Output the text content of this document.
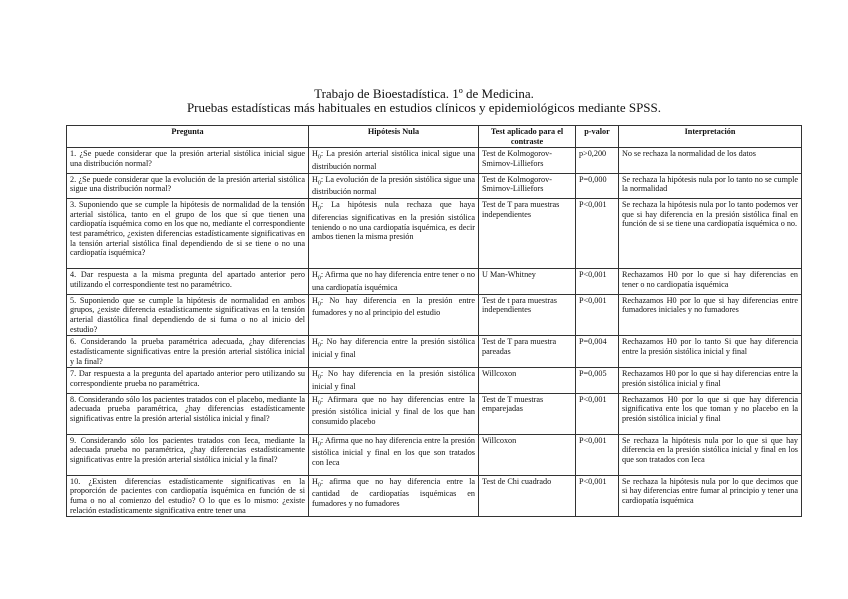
Trabajo de Bioestadística. 1º de Medicina.
Pruebas estadísticas más habituales en estudios clínicos y epidemiológicos mediante SPSS.
Pregunta	Hipótesis Nula	Test aplicado para el contraste	p-valor	Interpretación
1. ¿Se puede considerar que la presión arterial sistólica inicial sigue una distribución normal?	$H_0$: La presión arterial sistólica inical sigue una distribución normal	Test de Kolmogorov-Smirnov-Lilliefors	p>0,200	No se rechaza la normalidad de los datos
2. ¿Se puede considerar que la evolución de la presión arterial sistólica sigue una distribución normal?	$H_0$: La evolución de la presión sistólica sigue una distribución normal	Test de Kolmogorov-Smirnov-Lilliefors	P=0,000	Se rechaza la hipótesis nula por lo tanto no se cumple la normalidad
3. Suponiendo que se cumple la hipótesis de normalidad de la tensión arterial sistólica, tanto en el grupo de los que sí que tienen una cardiopatía isquémica como en los que no, mediante el correspondiente test paramétrico, ¿existen diferencias estadísticamente significativas en la tensión arterial sistólica final dependiendo de si se tiene o no una cardiopatía isquémica?	$H_0$: La hipótesis nula rechaza que haya diferencias significativas en la presión sistólica teniendo o no una cardiopatía isquémica, es decir ambos tienen la misma presión	Test de T para muestras independientes	P<0,001	Se rechaza la hipótesis nula por lo tanto podemos ver que si hay diferencia en la presión sistólica final en función de si se tiene una cardiopatía isquémica o no.
4. Dar respuesta a la misma pregunta del apartado anterior pero utilizando el correspondiente test no paramétrico.	$H_0$: Afirma que no hay diferencia entre tener o no una cardiopatía isquémica	U Man-Whitney	P<0,001	Rechazamos H0 por lo que si hay diferencias en tener o no cardiopatía isquémica
5. Suponiendo que se cumple la hipótesis de normalidad en ambos grupos, ¿existe diferencia estadísticamente significativas en la tensión arterial diastólica final dependiendo de si fuma o no al inicio del estudio?	$H_0$: No hay diferencia en la presión entre fumadores y no al principio del estudio	Test de t para muestras independientes	P<0,001	Rechazamos H0 por lo que si hay diferencias entre fumadores iniciales y no fumadores
6. Considerando la prueba paramétrica adecuada, ¿hay diferencias estadísticamente significativas entre la presión arterial sistólica inicial y la final?	$H_0$: No hay diferencia entre la presión sistólica inicial y final	Test de T para muestra pareadas	P=0,004	Rechazamos H0 por lo tanto Si que hay diferencia entre la presión sistólica inicial y final
7. Dar respuesta a la pregunta del apartado anterior pero utilizando su correspondiente prueba no paramétrica.	$H_0$: No hay diferencia en la presión sistólica inicial y final	Willcoxon	P=0,005	Rechazamos H0 por lo que si hay diferencias entre la presión sistólica inicial y final
8. Considerando sólo los pacientes tratados con el placebo, mediante la adecuada prueba paramétrica, ¿hay diferencias estadísticamente significativas entre la presión arterial sistólica inicial y final?	$H_0$: Afirmara que no hay diferencias entre la presión sistólica inicial y final de los que han consumido placebo	Test de T muestras emparejadas	P<0,001	Rechazamos H0 por lo que si que hay diferencia significativa ente los que toman y no placebo en la presión sistólica inicial y final
9. Considerando sólo los pacientes tratados con Ieca, mediante la adecuada prueba no paramétrica, ¿hay diferencias estadísticamente significativas entre la presión arterial sistólica inicial y la final?	$H_0$: Afirma que no hay diferencia entre la presión sistólica inicial y final en los que son tratados con Ieca	Willcoxon	P<0,001	Se rechaza la hipótesis nula por lo que si que hay diferencia en la presión sistólica inicial y final en los que son tratados con Ieca
10. ¿Existen diferencias estadísticamente significativas en la proporción de pacientes con cardiopatía isquémica en función de si fuma o no al comienzo del estudio? O lo que es lo mismo: ¿existe relación estadísticamente significativa entre tener una	$H_0$: afirma que no hay diferencia entre la cantidad de cardiopatías isquémicas en fumadores y no fumadores	Test de Chi cuadrado	P<0,001	Se rechaza la hipótesis nula por lo que decimos que si hay diferencias entre fumar al principio y tener una cardiopatía isquémica
